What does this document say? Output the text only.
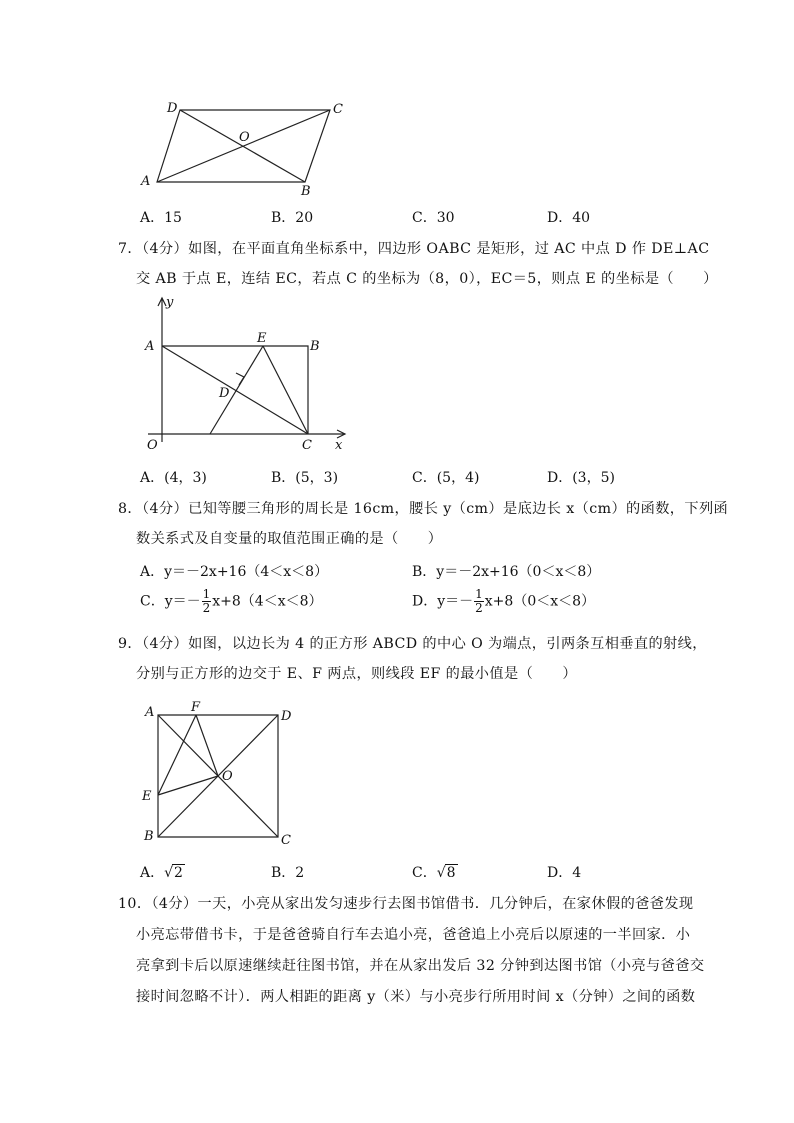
D	C
O
A
B
A．15	B．20	C．30	D．40
7．（4分）如图，在平面直角坐标系中，四边形 OABC 是矩形，过 AC 中点 D 作 DE⊥AC
交 AB 于点 E，连结 EC，若点 C 的坐标为（8，0），EC＝5，则点 E 的坐标是（　　）
y
A
E
B
D
O	C x
A．(4，3)	B．(5，3)	C．(5，4)	D．(3，5)
8．（4分）已知等腰三角形的周长是 16cm，腰长 y（cm）是底边长 x（cm）的函数，下列函
数关系式及自变量的取值范围正确的是（　　）
A．y＝－2x+16（4＜x＜8）	B．y＝－2x+16（0＜x＜8）
C．$y=- \frac{1}{2} x+8(4<x<8)$	D．$y=- \frac{1}{2} x+8(0<x<8)$
9．（4分）如图，以边长为 4 的正方形 ABCD 的中心 O 为端点，引两条互相垂直的射线，
分别与正方形的边交于 E、F 两点，则线段 EF 的最小值是（　　）
A	F
D
O
E
B	C
A．√2	B．2	C．√8	D．4
10．（4分）一天，小亮从家出发匀速步行去图书馆借书．几分钟后，在家休假的爸爸发现
小亮忘带借书卡，于是爸爸骑自行车去追小亮，爸爸追上小亮后以原速的一半回家．小
亮拿到卡后以原速继续赶往图书馆，并在从家出发后 32 分钟到达图书馆（小亮与爸爸交
接时间忽略不计）．两人相距的距离 y（米）与小亮步行所用时间 x（分钟）之间的函数
